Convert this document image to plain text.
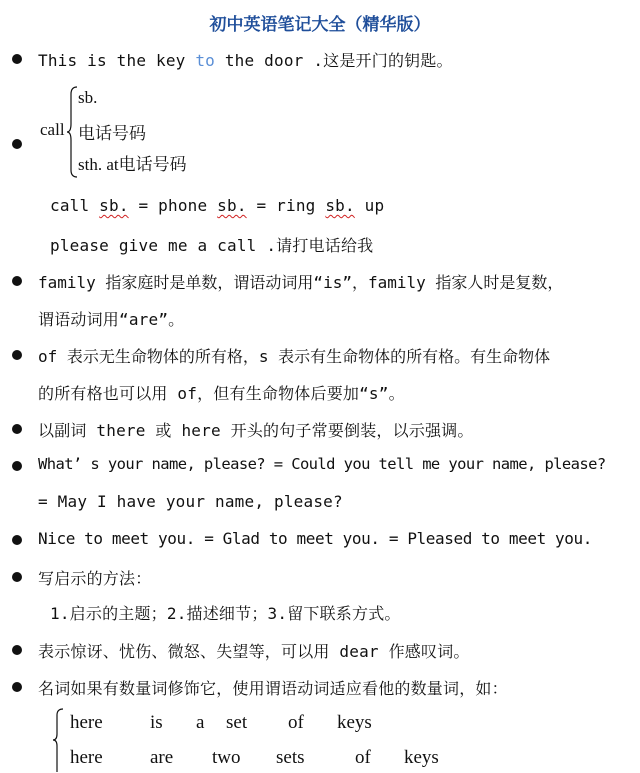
初中英语笔记大全（精华版）
This is the key to the door .这是开门的钥匙。
call
sb.
电话号码
sth. at电话号码
call sb. = phone sb. = ring sb. up
please give me a call .请打电话给我
family 指家庭时是单数，谓语动词用“is”，family 指家人时是复数，
谓语动词用“are”。
of 表示无生命物体的所有格，s 表示有生命物体的所有格。有生命物体
的所有格也可以用 of，但有生命物体后要加“s”。
以副词 there 或 here 开头的句子常要倒装，以示强调。
What’ s your name, please? = Could you tell me your name, please?
= May I have your name, please?
Nice to meet you. = Glad to meet you. = Pleased to meet you.
写启示的方法：
1.启示的主题；2.描述细节；3.留下联系方式。
表示惊讶、忧伤、微怒、失望等，可以用 dear 作感叹词。
名词如果有数量词修饰它，使用谓语动词适应看他的数量词，如：
here is a set of keys
here are two sets	of keys
